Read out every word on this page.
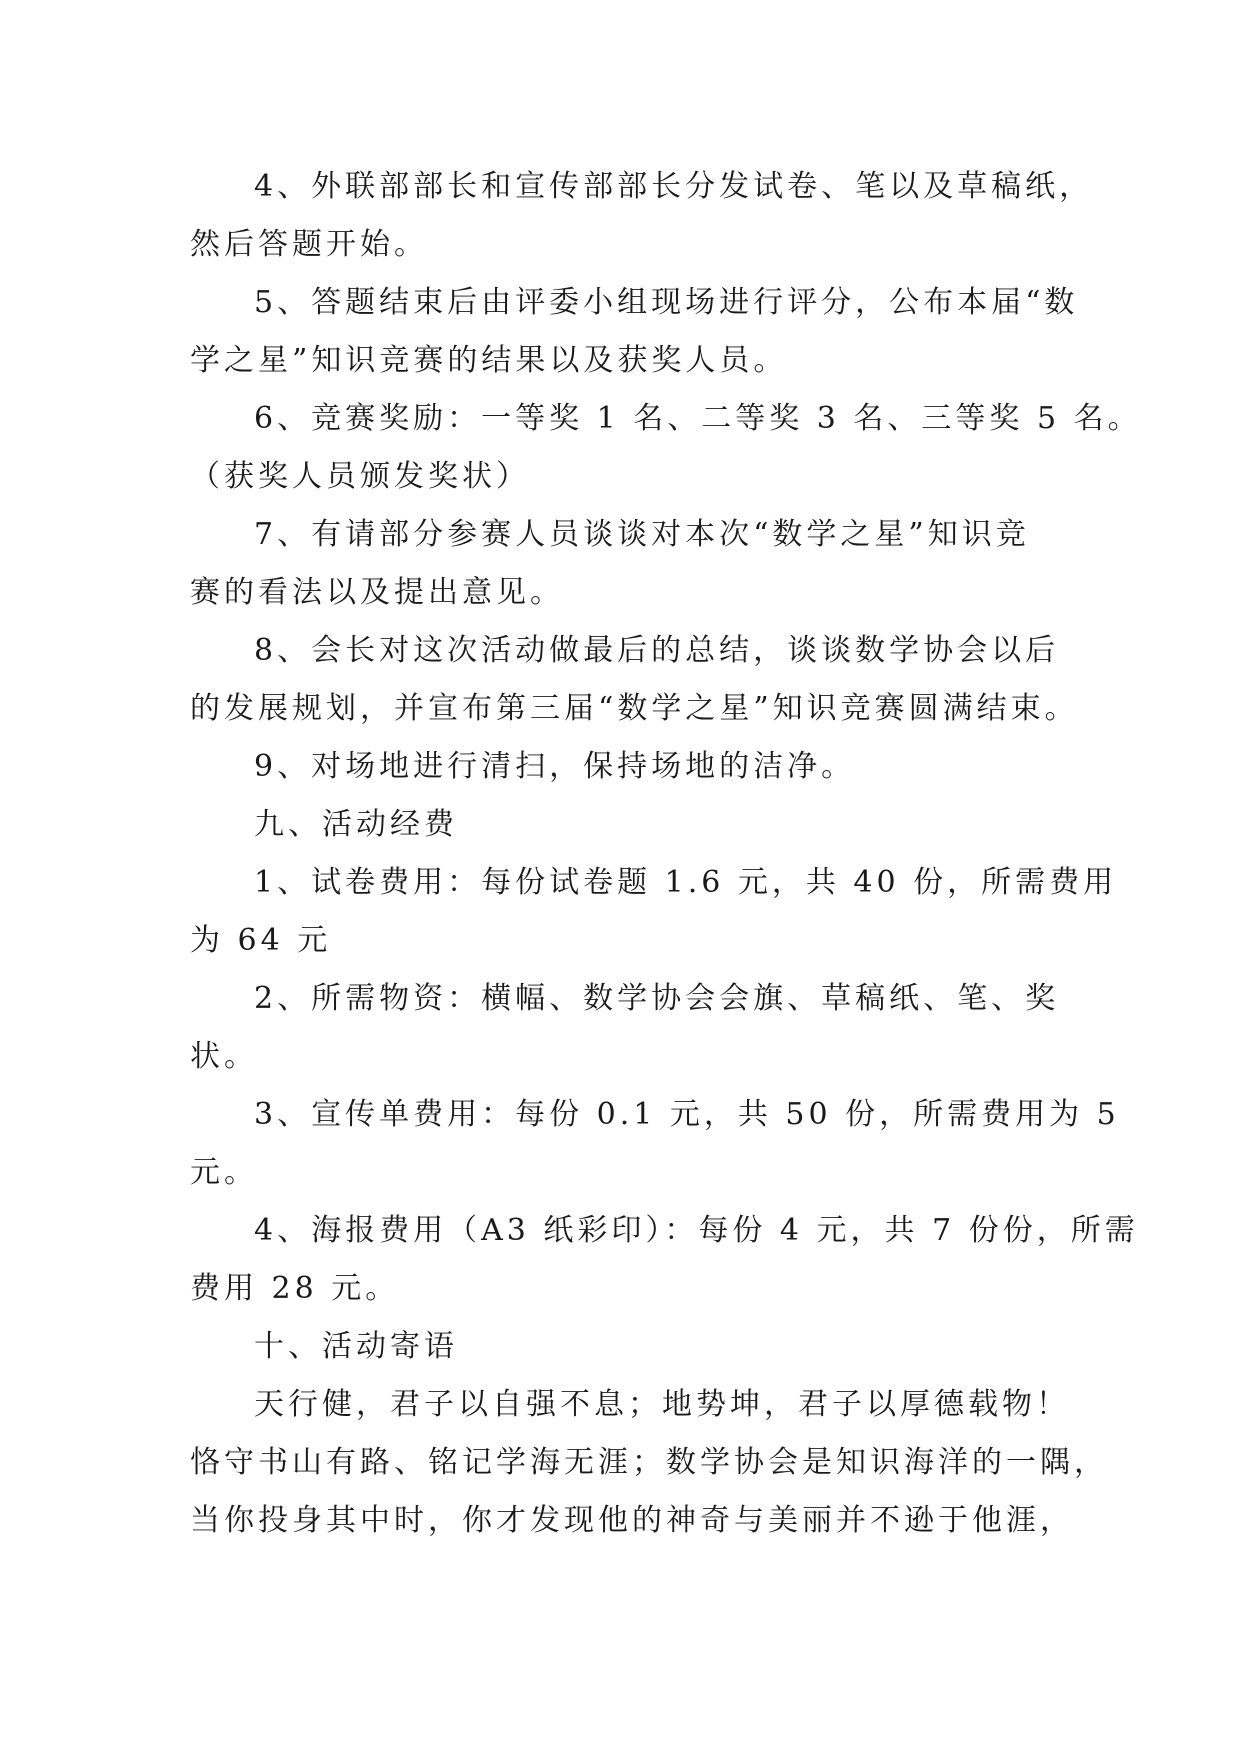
4、外联部部长和宣传部部长分发试卷、笔以及草稿纸，
然后答题开始。
5、答题结束后由评委小组现场进行评分，公布本届“数
学之星”知识竞赛的结果以及获奖人员。
6、竞赛奖励：一等奖 1 名、二等奖 3 名、三等奖 5 名。
（获奖人员颁发奖状）
7、有请部分参赛人员谈谈对本次“数学之星”知识竞
赛的看法以及提出意见。
8、会长对这次活动做最后的总结，谈谈数学协会以后
的发展规划，并宣布第三届“数学之星”知识竞赛圆满结束。
9、对场地进行清扫，保持场地的洁净。
九、活动经费
1、试卷费用：每份试卷题 1.6 元，共 40 份，所需费用
为 64 元
2、所需物资：横幅、数学协会会旗、草稿纸、笔、奖
状。
3、宣传单费用：每份 0.1 元，共 50 份，所需费用为 5
元。
4、海报费用（A3 纸彩印）：每份 4 元，共 7 份份，所需
费用 28 元。
十、活动寄语
天行健，君子以自强不息；地势坤，君子以厚德载物！
恪守书山有路、铭记学海无涯；数学协会是知识海洋的一隅，
当你投身其中时，你才发现他的神奇与美丽并不逊于他涯，
